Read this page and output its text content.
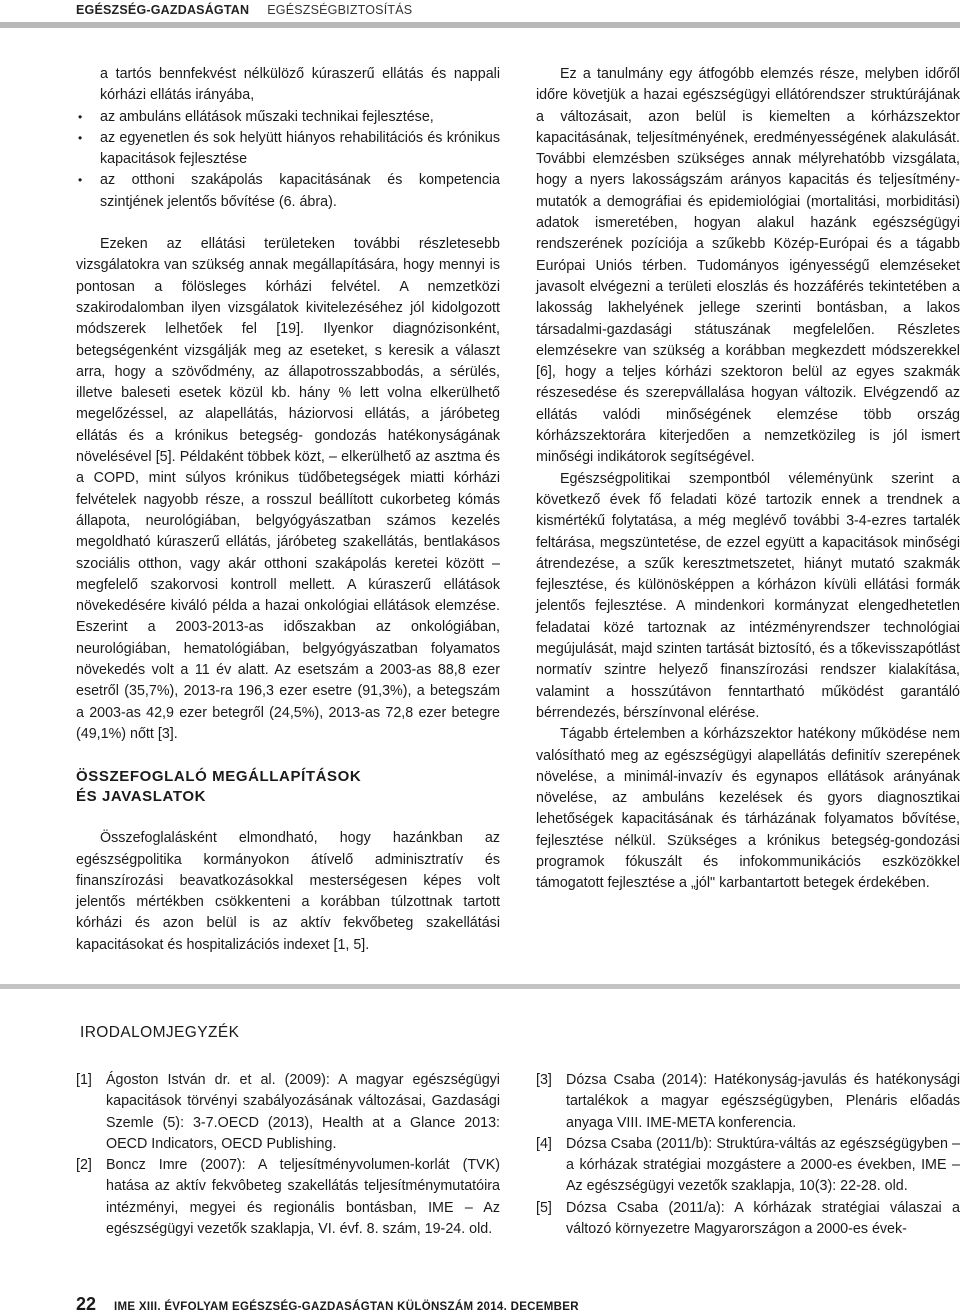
EGÉSZSÉG-GAZDASÁGTAN EGÉSZSÉGBIZTOSÍTÁS
a tartós bennfekvést nélkülöző kúraszerű ellátás és nappali kórházi ellátás irányába,
• az ambuláns ellátások műszaki technikai fejlesztése,
• az egyenetlen és sok helyütt hiányos rehabilitációs és krónikus kapacitások fejlesztése
• az otthoni szakápolás kapacitásának és kompetencia szintjének jelentős bővítése (6. ábra).

Ezeken az ellátási területeken további részletesebb vizsgálatokra van szükség annak megállapítására, hogy mennyi is pontosan a fölösleges kórházi felvétel. A nemzetközi szakirodalomban ilyen vizsgálatok kivitelezéséhez jól kidolgozott módszerek lelhetőek fel [19]. Ilyenkor diagnózisonként, betegségenként vizsgálják meg az eseteket, s keresik a választ arra, hogy a szövődmény, az állapotrosszabbodás, a sérülés, illetve baleseti esetek közül kb. hány % lett volna elkerülhető megelőzéssel, az alapellátás, háziorvosi ellátás, a járóbeteg ellátás és a krónikus betegség- gondozás hatékonyságának növelésével [5]. Példaként többek közt, – elkerülhető az asztma és a COPD, mint súlyos krónikus tüdőbetegségek miatti kórházi felvételek nagyobb része, a rosszul beállított cukorbeteg kómás állapota, neurológiában, belgyógyászatban számos kezelés megoldható kúraszerű ellátás, járóbeteg szakellátás, bentlakásos szociális otthon, vagy akár otthoni szakápolás keretei között – megfelelő szakorvosi kontroll mellett. A kúraszerű ellátások növekedésére kiváló példa a hazai onkológiai ellátások elemzése. Eszerint a 2003-2013-as időszakban az onkológiában, neurológiában, hematológiában, belgyógyászatban folyamatos növekedés volt a 11 év alatt. Az esetszám a 2003-as 88,8 ezer esetről (35,7%), 2013-ra 196,3 ezer esetre (91,3%), a betegszám a 2003-as 42,9 ezer betegről (24,5%), 2013-as 72,8 ezer betegre (49,1%) nőtt [3].

ÖSSZEFOGLALÓ MEGÁLLAPÍTÁSOK
ÉS JAVASLATOK

Összefoglalásként elmondható, hogy hazánkban az egészségpolitika kormányokon átívelő adminisztratív és finanszírozási beavatkozásokkal mesterségesen képes volt jelentős mértékben csökkenteni a korábban túlzottnak tartott kórházi és azon belül is az aktív fekvőbeteg szakellátási kapacitásokat és hospitalizációs indexet [1, 5].

Ez a tanulmány egy átfogóbb elemzés része, melyben időről időre követjük a hazai egészségügyi ellátórendszer struktúrájának a változásait, azon belül is kiemelten a kórházszektor kapacitásának, teljesítményének, eredményességének alakulását. További elemzésben szükséges annak mélyrehatóbb vizsgálata, hogy a nyers lakosságszám arányos kapacitás és teljesítmény-mutatók a demográfiai és epidemiológiai (mortalitási, morbiditási) adatok ismeretében, hogyan alakul hazánk egészségügyi rendszerének pozíciója a szűkebb Közép-Európai és a tágabb Európai Uniós térben. Tudományos igényességű elemzéseket javasolt elvégezni a területi eloszlás és hozzáférés tekintetében a lakosság lakhelyének jellege szerinti bontásban, a lakos társadalmi-gazdasági státuszának megfelelően. Részletes elemzésekre van szükség a korábban megkezdett módszerekkel [6], hogy a teljes kórházi szektoron belül az egyes szakmák részesedése és szerepvállalása hogyan változik. Elvégzendő az ellátás valódi minőségének elemzése több ország kórházszektorára kiterjedően a nemzetközileg is jól ismert minőségi indikátorok segítségével.

Egészségpolitikai szempontból véleményünk szerint a következő évek fő feladati közé tartozik ennek a trendnek a kismértékű folytatása, a még meglévő további 3-4-ezres tartalék feltárása, megszüntetése, de ezzel együtt a kapacitások minőségi átrendezése, a szűk keresztmetszetet, hiányt mutató szakmák fejlesztése, és különösképpen a kórházon kívüli ellátási formák jelentős fejlesztése. A mindenkori kormányzat elengedhetetlen feladatai közé tartoznak az intézményrendszer technológiai megújulását, majd szinten tartását biztosító, és a tőkevisszapótlást normatív szintre helyező finanszírozási rendszer kialakítása, valamint a hosszútávon fenntartható működést garantáló bérrendezés, bérszínvonal elérése.

Tágabb értelemben a kórházszektor hatékony működése nem valósítható meg az egészségügyi alapellátás definitív szerepének növelése, a minimál-invazív és egynapos ellátások arányának növelése, az ambuláns kezelések és gyors diagnosztikai lehetőségek kapacitásának és tárházának folyamatos bővítése, fejlesztése nélkül. Szükséges a krónikus betegség-gondozási programok fókuszált és infokommunikációs eszközökkel támogatott fejlesztése a „jól" karbantartott betegek érdekében.

IRODALOMJEGYZÉK
[1] Ágoston István dr. et al. (2009): A magyar egészségügyi kapacitások törvényi szabályozásának változásai, Gazdasági Szemle (5): 3-7.OECD (2013), Health at a Glance 2013: OECD Indicators, OECD Publishing.
[2] Boncz Imre (2007): A teljesítményvolumen-korlát (TVK) hatása az aktív fekvôbeteg szakellátás teljesítménymutatóira intézményi, megyei és regionális bontásban, IME – Az egészségügyi vezetők szaklapja, VI. évf. 8. szám, 19-24. old.
[3] Dózsa Csaba (2014): Hatékonyság-javulás és hatékonysági tartalékok a magyar egészségügyben, Plenáris előadás anyaga VIII. IME-META konferencia.
[4] Dózsa Csaba (2011/b): Struktúra-váltás az egészségügyben – a kórházak stratégiai mozgástere a 2000-es években, IME – Az egészségügyi vezetők szaklapja, 10(3): 22-28. old.
[5] Dózsa Csaba (2011/a): A kórházak stratégiai válaszai a változó környezetre Magyarországon a 2000-es évek-
22 IME XIII. ÉVFOLYAM EGÉSZSÉG-GAZDASÁGTAN KÜLÖNSZÁM 2014. DECEMBER
